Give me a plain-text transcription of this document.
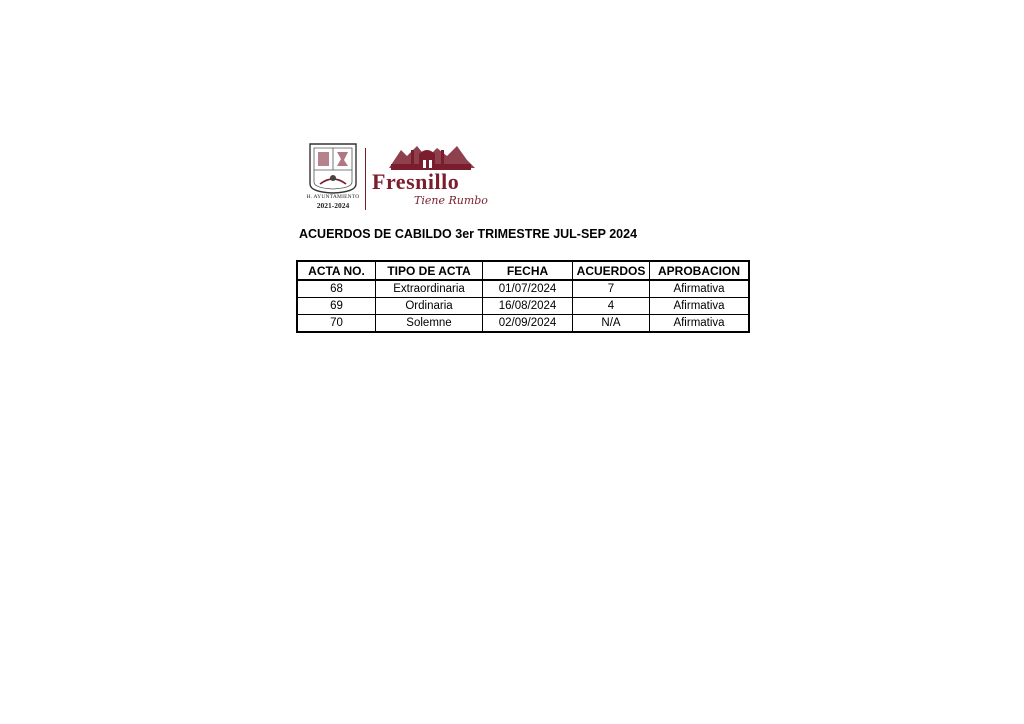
H. AYUNTAMIENTO
2021-2024
Fresnillo
Tiene Rumbo
ACUERDOS DE CABILDO 3er TRIMESTRE JUL-SEP 2024
ACTA NO.	TIPO DE ACTA	FECHA	ACUERDOS	APROBACION
68	Extraordinaria	01/07/2024	7	Afirmativa
69	Ordinaria	16/08/2024	4	Afirmativa
70	Solemne	02/09/2024	N/A	Afirmativa
